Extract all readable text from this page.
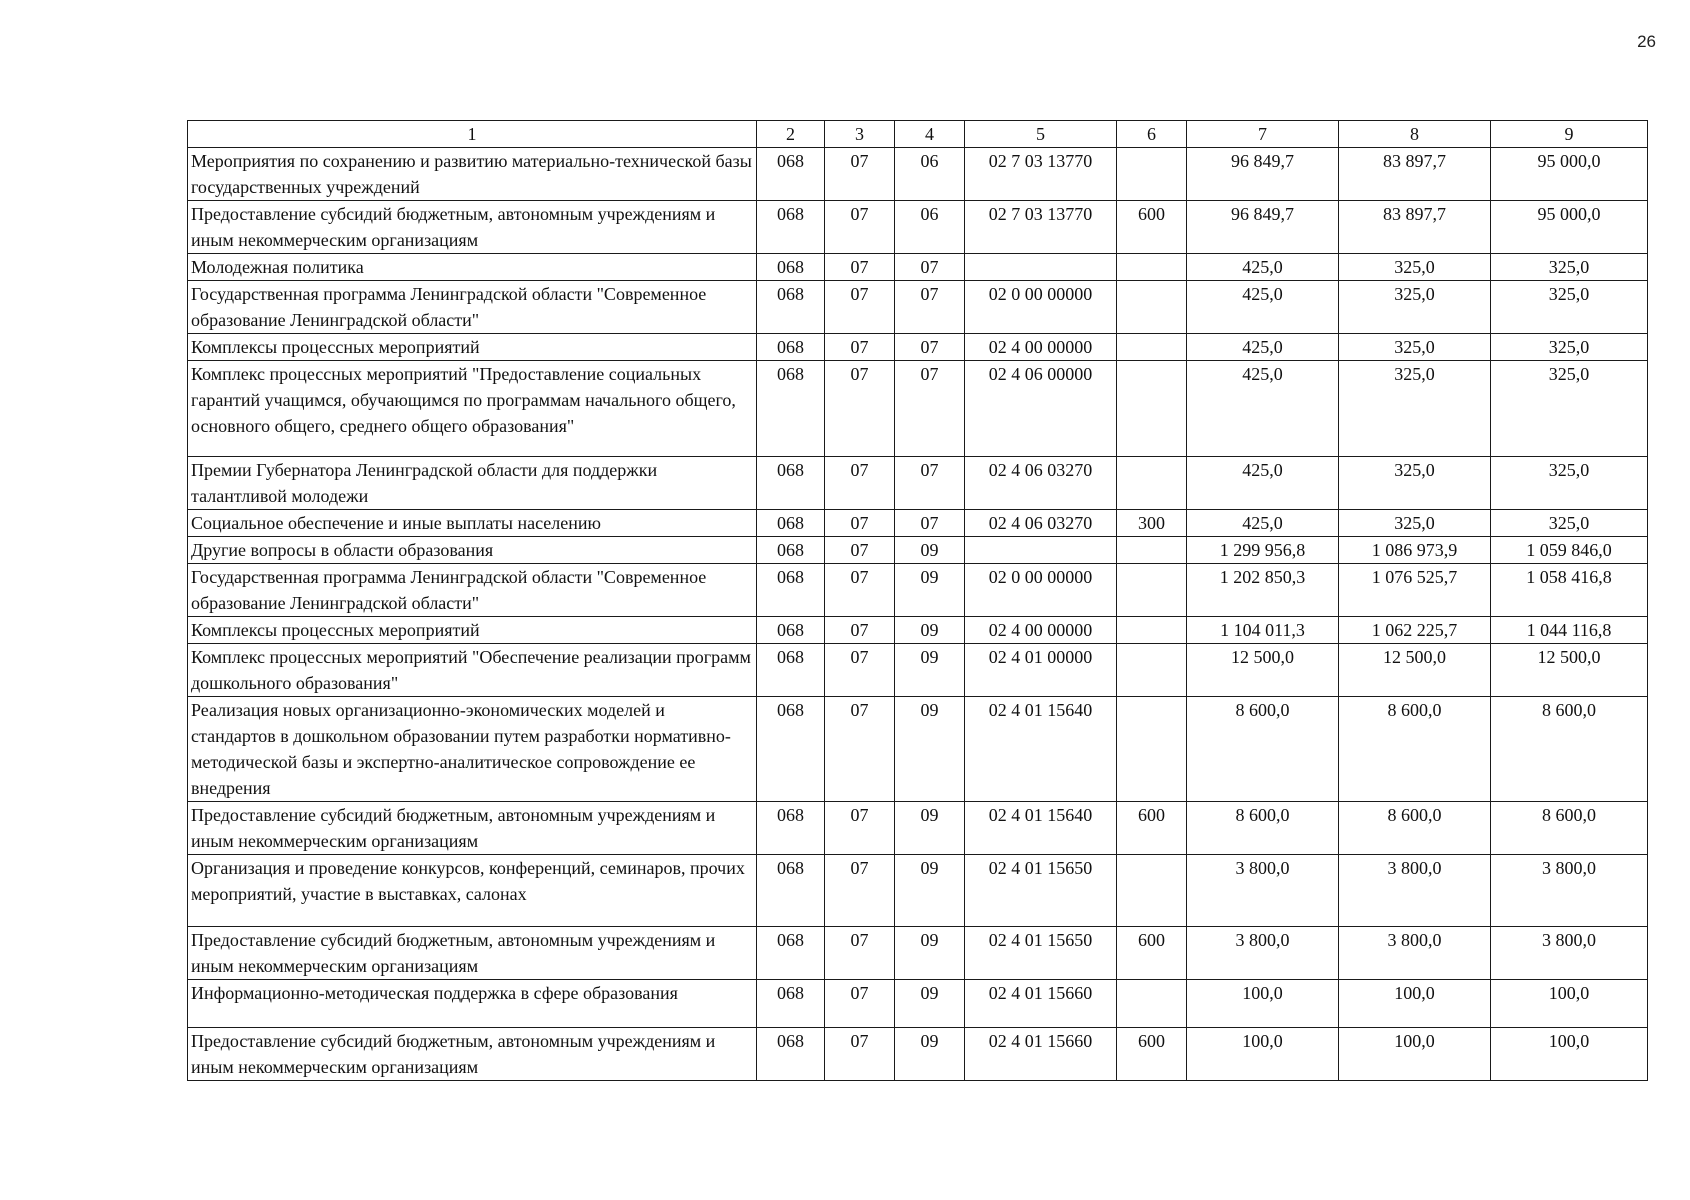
26
1	2	3	4	5	6	7	8	9
Мероприятия по сохранению и развитию материально-технической базы государственных учреждений	068	07	06	02 7 03 13770		96 849,7	83 897,7	95 000,0
Предоставление субсидий бюджетным, автономным учреждениям и иным некоммерческим организациям	068	07	06	02 7 03 13770	600	96 849,7	83 897,7	95 000,0
Молодежная политика	068	07	07			425,0	325,0	325,0
Государственная программа Ленинградской области "Современное образование Ленинградской области"	068	07	07	02 0 00 00000		425,0	325,0	325,0
Комплексы процессных мероприятий	068	07	07	02 4 00 00000		425,0	325,0	325,0
Комплекс процессных мероприятий "Предоставление социальных гарантий учащимся, обучающимся по программам начального общего, основного общего, среднего общего образования"	068	07	07	02 4 06 00000		425,0	325,0	325,0
Премии Губернатора Ленинградской области для поддержки талантливой молодежи	068	07	07	02 4 06 03270		425,0	325,0	325,0
Социальное обеспечение и иные выплаты населению	068	07	07	02 4 06 03270	300	425,0	325,0	325,0
Другие вопросы в области образования	068	07	09			1 299 956,8	1 086 973,9	1 059 846,0
Государственная программа Ленинградской области "Современное образование Ленинградской области"	068	07	09	02 0 00 00000		1 202 850,3	1 076 525,7	1 058 416,8
Комплексы процессных мероприятий	068	07	09	02 4 00 00000		1 104 011,3	1 062 225,7	1 044 116,8
Комплекс процессных мероприятий "Обеспечение реализации программ дошкольного образования"	068	07	09	02 4 01 00000		12 500,0	12 500,0	12 500,0
Реализация новых организационно-экономических моделей и стандартов в дошкольном образовании путем разработки нормативно-методической базы и экспертно-аналитическое сопровождение ее внедрения	068	07	09	02 4 01 15640		8 600,0	8 600,0	8 600,0
Предоставление субсидий бюджетным, автономным учреждениям и иным некоммерческим организациям	068	07	09	02 4 01 15640	600	8 600,0	8 600,0	8 600,0
Организация и проведение конкурсов, конференций, семинаров, прочих мероприятий, участие в выставках, салонах	068	07	09	02 4 01 15650		3 800,0	3 800,0	3 800,0
Предоставление субсидий бюджетным, автономным учреждениям и иным некоммерческим организациям	068	07	09	02 4 01 15650	600	3 800,0	3 800,0	3 800,0
Информационно-методическая поддержка в сфере образования	068	07	09	02 4 01 15660		100,0	100,0	100,0
Предоставление субсидий бюджетным, автономным учреждениям и иным некоммерческим организациям	068	07	09	02 4 01 15660	600	100,0	100,0	100,0
